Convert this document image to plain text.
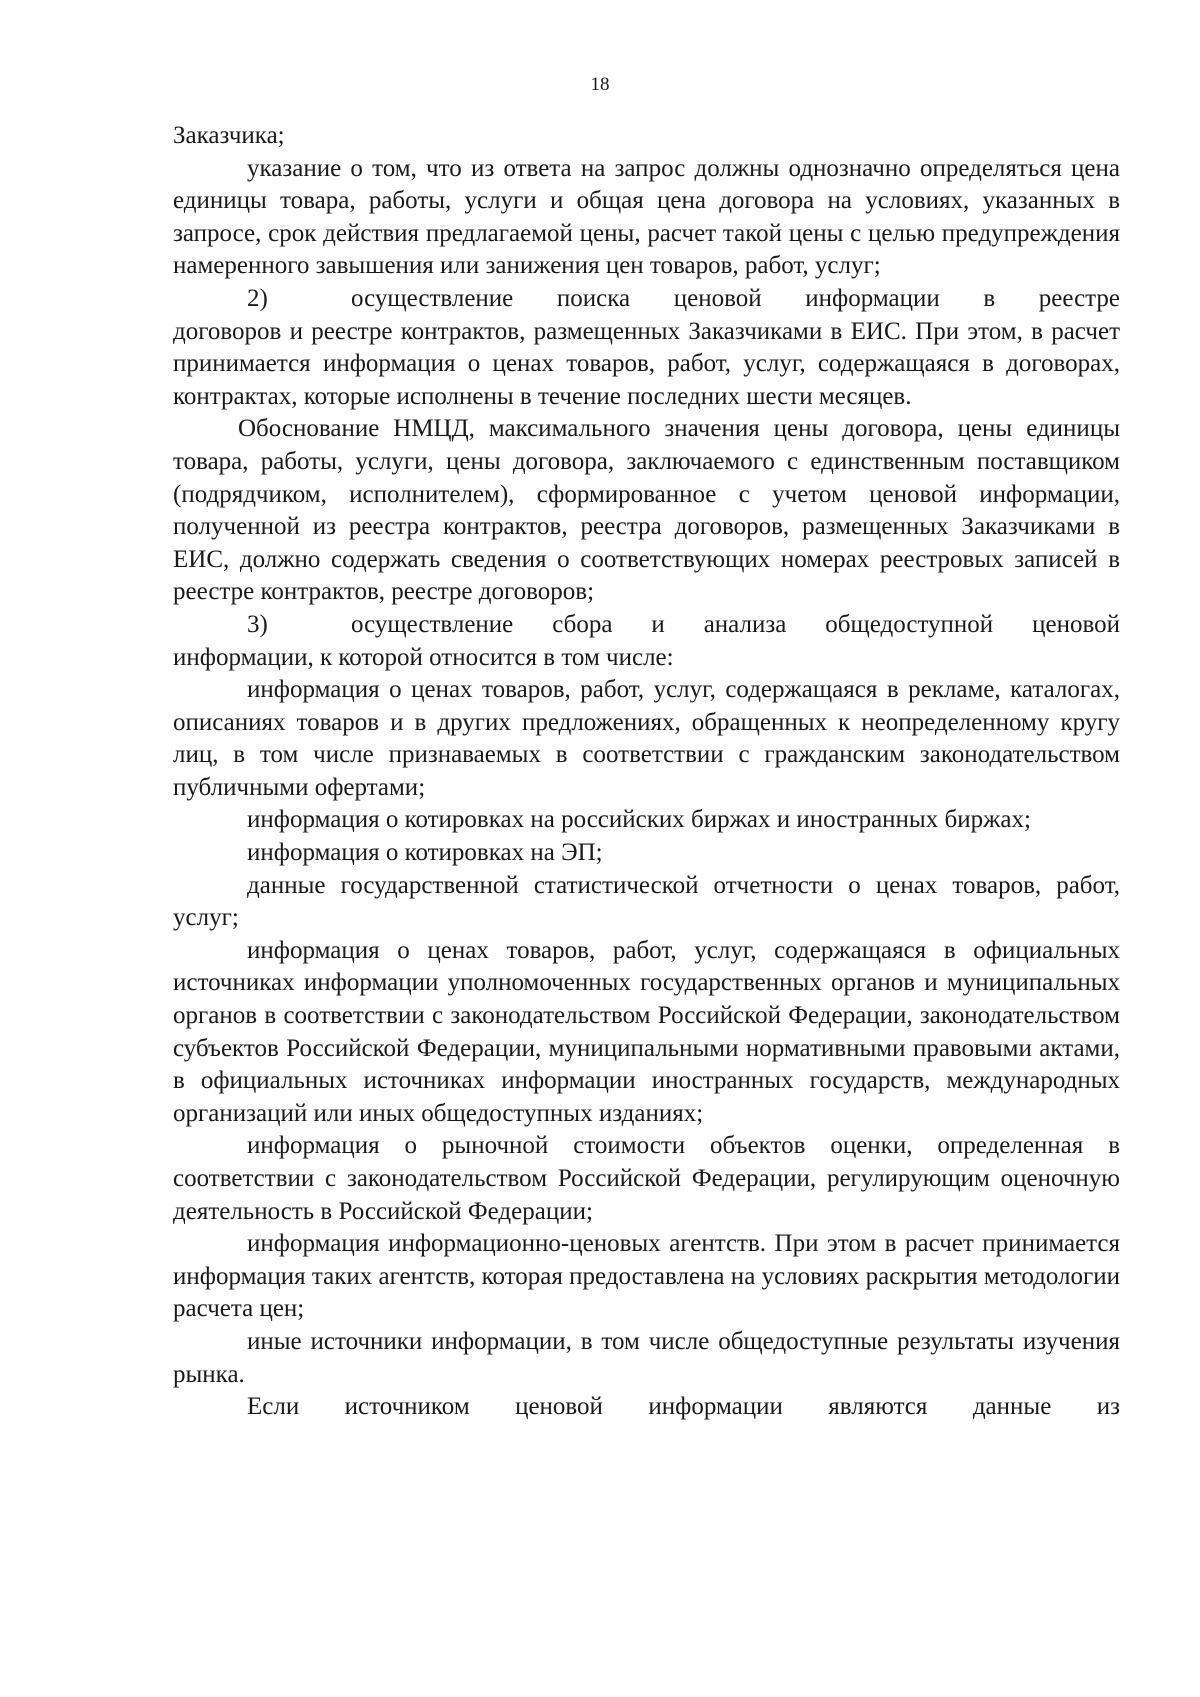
18

Заказчика;

указание о том, что из ответа на запрос должны однозначно определяться цена единицы товара, работы, услуги и общая цена договора на условиях, указанных в запросе, срок действия предлагаемой цены, расчет такой цены с целью предупреждения намеренного завышения или занижения цен товаров, работ, услуг;

2)	осуществление поиска ценовой информации в реестре

договоров и реестре контрактов, размещенных Заказчиками в ЕИС. При этом, в расчет принимается информация о ценах товаров, работ, услуг, содержащаяся в договорах, контрактах, которые исполнены в течение последних шести месяцев.

Обоснование НМЦД, максимального значения цены договора, цены единицы товара, работы, услуги, цены договора, заключаемого с единственным поставщиком (подрядчиком, исполнителем), сформированное с учетом ценовой информации, полученной из реестра контрактов, реестра договоров, размещенных Заказчиками в ЕИС, должно содержать сведения о соответствующих номерах реестровых записей в реестре контрактов, реестре договоров;

3)	осуществление сбора и анализа общедоступной ценовой

информации, к которой относится в том числе:

информация о ценах товаров, работ, услуг, содержащаяся в рекламе, каталогах, описаниях товаров и в других предложениях, обращенных к неопределенному кругу лиц, в том числе признаваемых в соответствии с гражданским законодательством публичными офертами;

информация о котировках на российских биржах и иностранных биржах;

информация о котировках на ЭП;

данные государственной статистической отчетности о ценах товаров, работ, услуг;

информация о ценах товаров, работ, услуг, содержащаяся в официальных источниках информации уполномоченных государственных органов и муниципальных органов в соответствии с законодательством Российской Федерации, законодательством субъектов Российской Федерации, муниципальными нормативными правовыми актами, в официальных источниках информации иностранных государств, международных организаций или иных общедоступных изданиях;

информация о рыночной стоимости объектов оценки, определенная в соответствии с законодательством Российской Федерации, регулирующим оценочную деятельность в Российской Федерации;

информация информационно-ценовых агентств. При этом в расчет принимается информация таких агентств, которая предоставлена на условиях раскрытия методологии расчета цен;

иные источники информации, в том числе общедоступные результаты изучения рынка.

Если источником ценовой информации являются данные из
